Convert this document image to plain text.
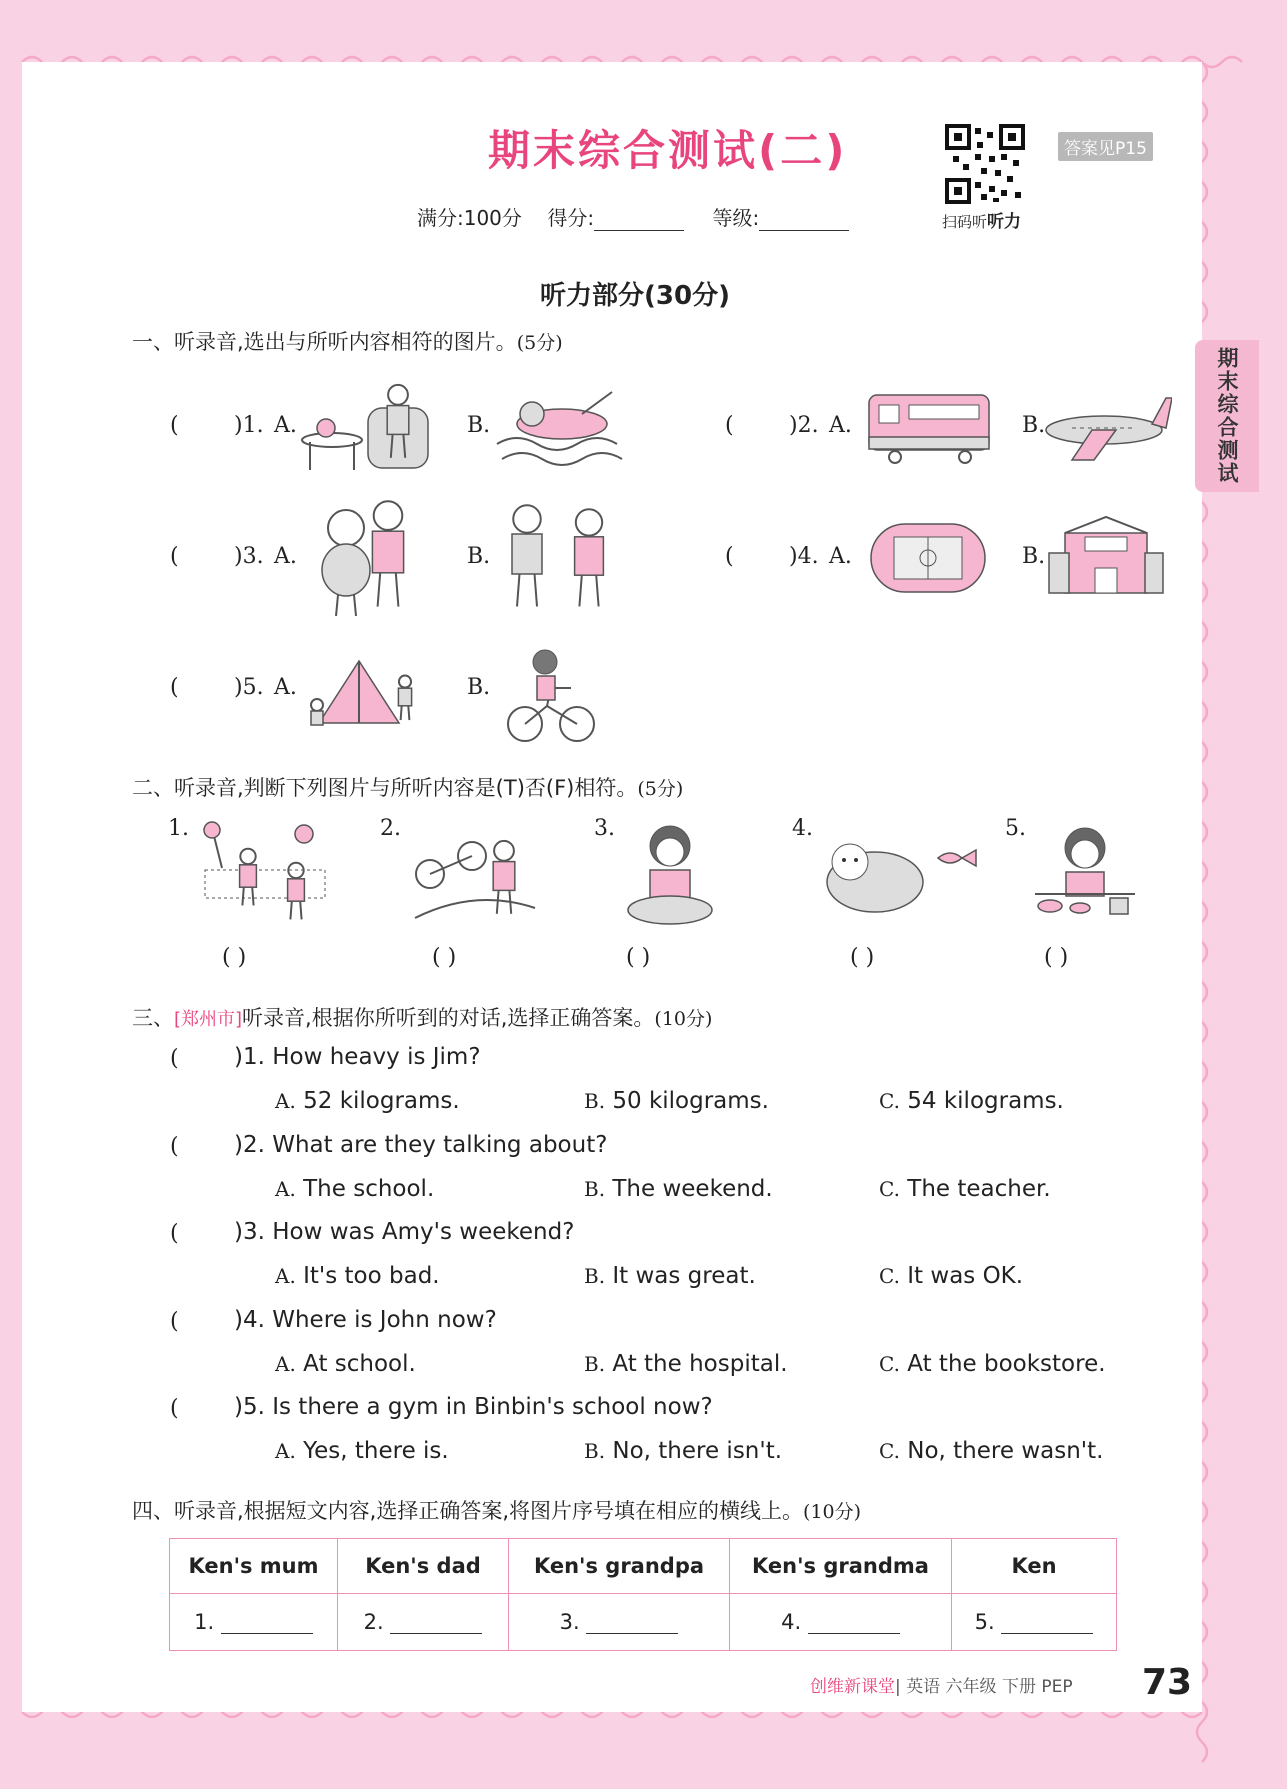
期末综合测试(二)
扫码听听力
答案见P15
满分:100分 得分:	等级:
听力部分(30分)
一、听录音,选出与所听内容相符的图片。(5分)
二、听录音,判断下列图片与所听内容是(T)否(F)相符。(5分)
三、[郑州市]听录音,根据你所听到的对话,选择正确答案。(10分)
四、听录音,根据短文内容,选择正确答案,将图片序号填在相应的横线上。(10分)
Ken's mum	Ken's dad	Ken's grandpa	Ken's grandma	Ken
1.	2.	3.	4.	5.
期末综合测试
创维新课堂| 英语 六年级 下册 PEP 73
(	)1. A.	B.	(	)2. A.	B.
(	)3. A.	B.	(	)4. A.	B.
(	)5. A.	B.
1.
( )
2.
( )
3.
( )
4.
( )
5.
( )
( )1. How heavy is Jim?
A. 52 kilograms.	B. 50 kilograms.	C. 54 kilograms.
( )2. What are they talking about?
A. The school.	B. The weekend.	C. The teacher.
( )3. How was Amy's weekend?
A. It's too bad.	B. It was great.	C. It was OK.
( )4. Where is John now?
A. At school.	B. At the hospital.	C. At the bookstore.
( )5. Is there a gym in Binbin's school now?
A. Yes, there is.	B. No, there isn't.	C. No, there wasn't.
